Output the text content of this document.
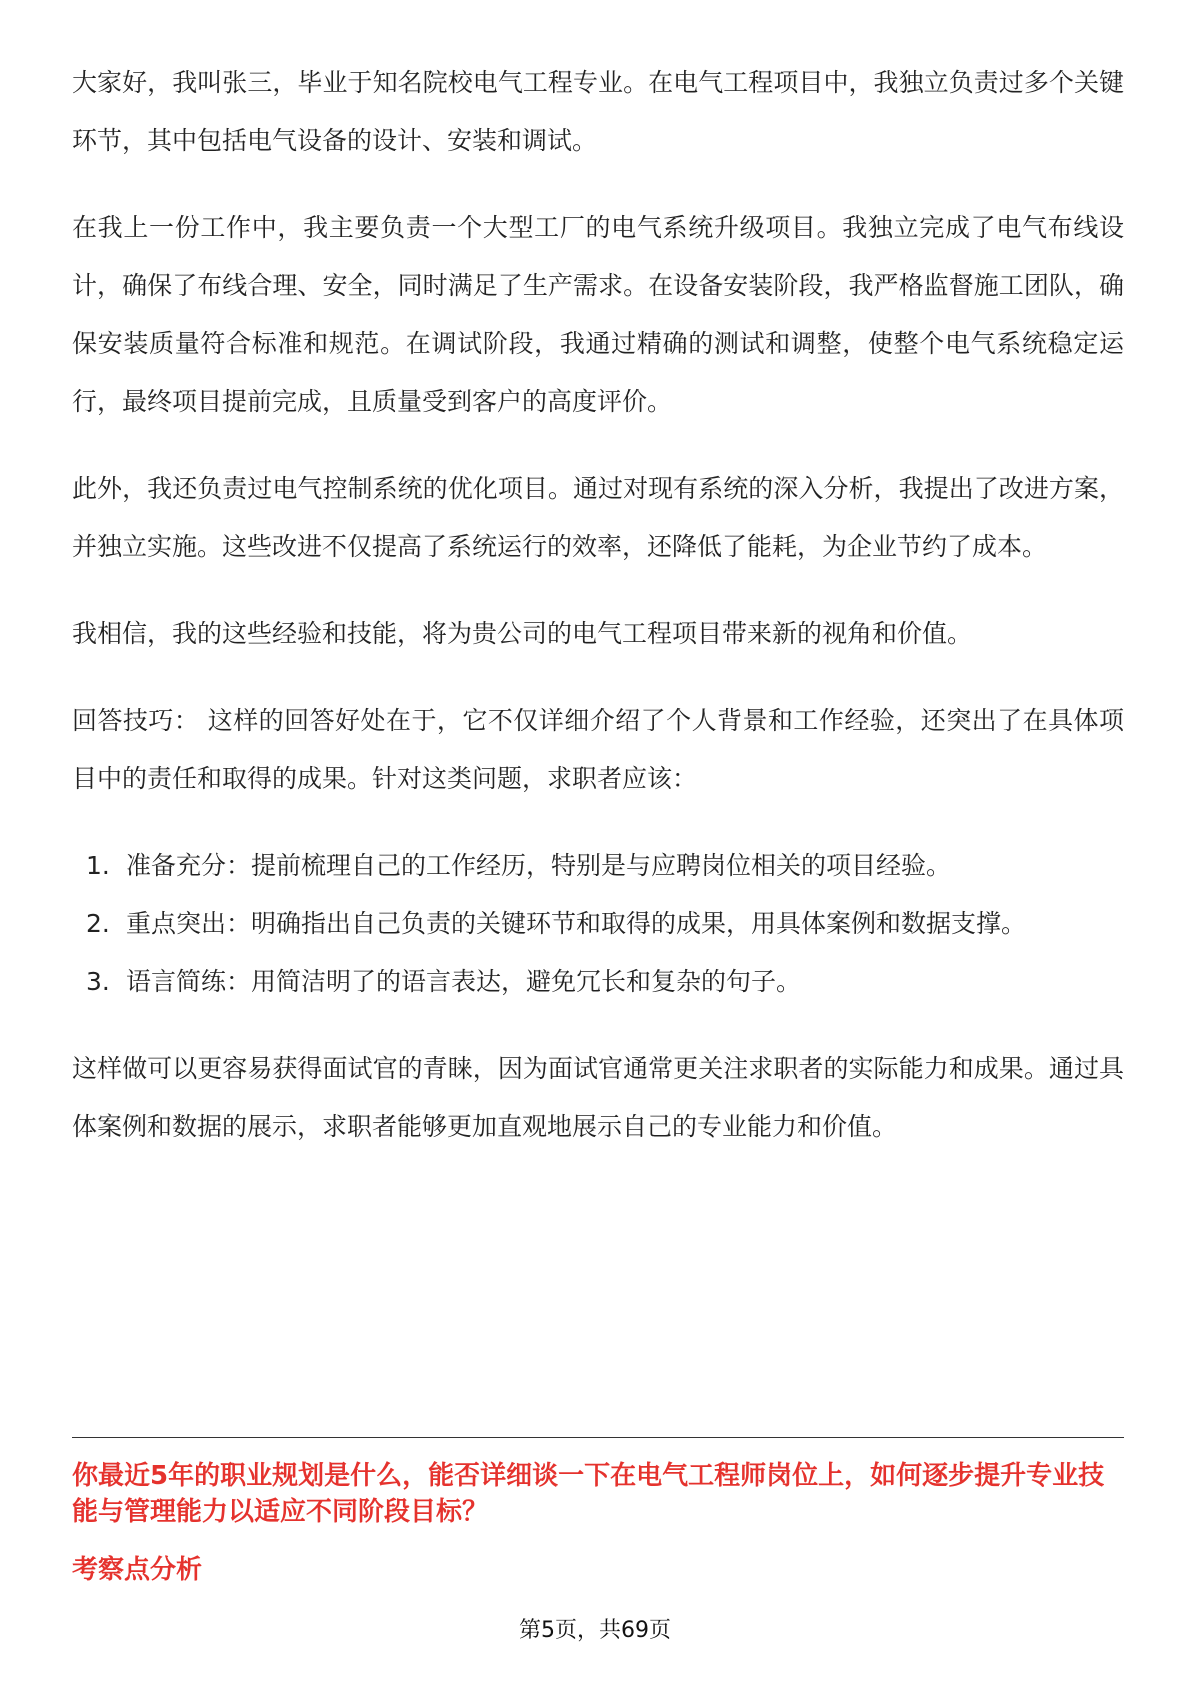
大家好，我叫张三，毕业于知名院校电气工程专业。在电气工程项目中，我独立负责过多个关键环节，其中包括电气设备的设计、安装和调试。

在我上一份工作中，我主要负责一个大型工厂的电气系统升级项目。我独立完成了电气布线设计，确保了布线合理、安全，同时满足了生产需求。在设备安装阶段，我严格监督施工团队，确保安装质量符合标准和规范。在调试阶段，我通过精确的测试和调整，使整个电气系统稳定运行，最终项目提前完成，且质量受到客户的高度评价。

此外，我还负责过电气控制系统的优化项目。通过对现有系统的深入分析，我提出了改进方案，并独立实施。这些改进不仅提高了系统运行的效率，还降低了能耗，为企业节约了成本。

我相信，我的这些经验和技能，将为贵公司的电气工程项目带来新的视角和价值。

回答技巧： 这样的回答好处在于，它不仅详细介绍了个人背景和工作经验，还突出了在具体项目中的责任和取得的成果。针对这类问题，求职者应该：

1. 准备充分：提前梳理自己的工作经历，特别是与应聘岗位相关的项目经验。
2. 重点突出：明确指出自己负责的关键环节和取得的成果，用具体案例和数据支撑。
3. 语言简练：用简洁明了的语言表达，避免冗长和复杂的句子。

这样做可以更容易获得面试官的青睐，因为面试官通常更关注求职者的实际能力和成果。通过具体案例和数据的展示，求职者能够更加直观地展示自己的专业能力和价值。

你最近5年的职业规划是什么，能否详细谈一下在电气工程师岗位上，如何逐步提升专业技能与管理能力以适应不同阶段目标？
考察点分析
第5页，共69页
